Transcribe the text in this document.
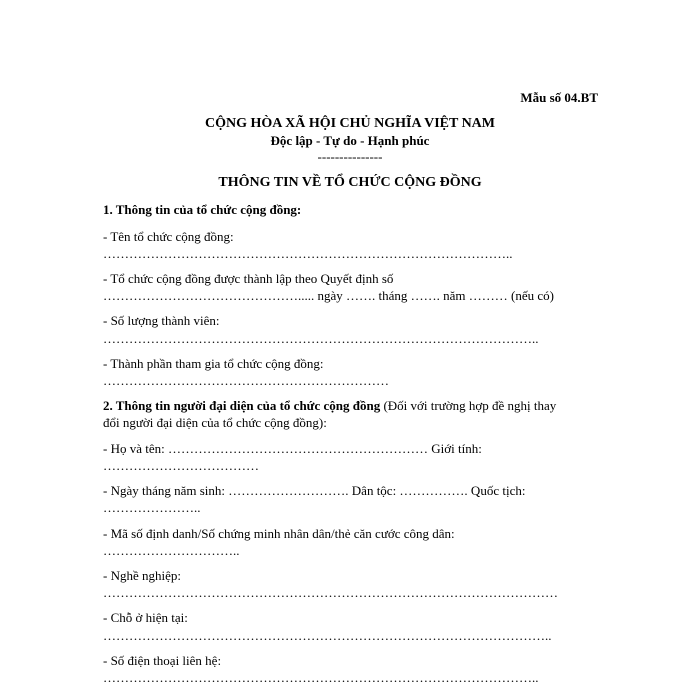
Mẫu số 04.BT
CỘNG HÒA XÃ HỘI CHỦ NGHĨA VIỆT NAM
Độc lập - Tự do - Hạnh phúc
---------------
THÔNG TIN VỀ TỔ CHỨC CỘNG ĐỒNG
1. Thông tin của tổ chức cộng đồng:
- Tên tổ chức cộng đồng:
…………………………………………………………………………………..
- Tổ chức cộng đồng được thành lập theo Quyết định số
………………………………………..... ngày ……. tháng ……. năm ……… (nếu có)
- Số lượng thành viên:
………………………………………………………………………………………..
- Thành phần tham gia tổ chức cộng đồng:
…………………………………………………………
2. Thông tin người đại diện của tổ chức cộng đồng (Đối với trường hợp đề nghị thay
đổi người đại diện của tổ chức cộng đồng):
- Họ và tên: …………………………………………………… Giới tính:
………………………………
- Ngày tháng năm sinh: ………………………. Dân tộc: ……………. Quốc tịch:
…………………..
- Mã số định danh/Số chứng minh nhân dân/thẻ căn cước công dân:
…………………………..
- Nghề nghiệp:
……………………………………………………………………………………………
- Chỗ ở hiện tại:
…………………………………………………………………………………………..
- Số điện thoại liên hệ:
………………………………………………………………………………………..
